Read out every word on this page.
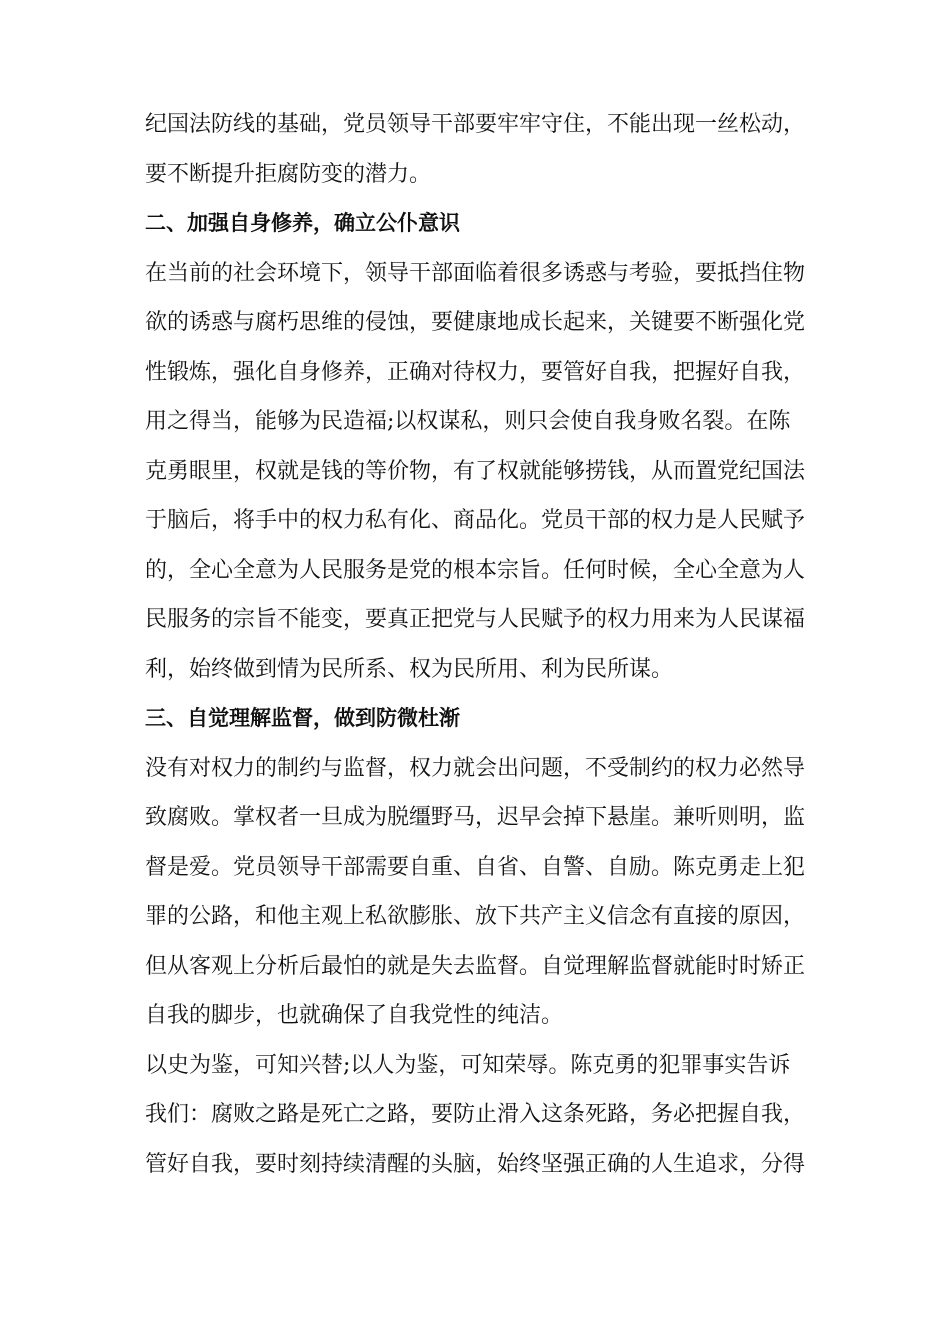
纪国法防线的基础，党员领导干部要牢牢守住，不能出现一丝松动，
要不断提升拒腐防变的潜力。
二、加强自身修养，确立公仆意识
在当前的社会环境下，领导干部面临着很多诱惑与考验，要抵挡住物
欲的诱惑与腐朽思维的侵蚀，要健康地成长起来，关键要不断强化党
性锻炼，强化自身修养，正确对待权力，要管好自我，把握好自我，
用之得当，能够为民造福;以权谋私，则只会使自我身败名裂。在陈
克勇眼里，权就是钱的等价物，有了权就能够捞钱，从而置党纪国法
于脑后，将手中的权力私有化、商品化。党员干部的权力是人民赋予
的，全心全意为人民服务是党的根本宗旨。任何时候，全心全意为人
民服务的宗旨不能变，要真正把党与人民赋予的权力用来为人民谋福
利，始终做到情为民所系、权为民所用、利为民所谋。
三、自觉理解监督，做到防微杜渐
没有对权力的制约与监督，权力就会出问题，不受制约的权力必然导
致腐败。掌权者一旦成为脱缰野马，迟早会掉下悬崖。兼听则明，监
督是爱。党员领导干部需要自重、自省、自警、自励。陈克勇走上犯
罪的公路，和他主观上私欲膨胀、放下共产主义信念有直接的原因，
但从客观上分析后最怕的就是失去监督。自觉理解监督就能时时矫正
自我的脚步，也就确保了自我党性的纯洁。
以史为鉴，可知兴替;以人为鉴，可知荣辱。陈克勇的犯罪事实告诉
我们：腐败之路是死亡之路，要防止滑入这条死路，务必把握自我，
管好自我，要时刻持续清醒的头脑，始终坚强正确的人生追求，分得
